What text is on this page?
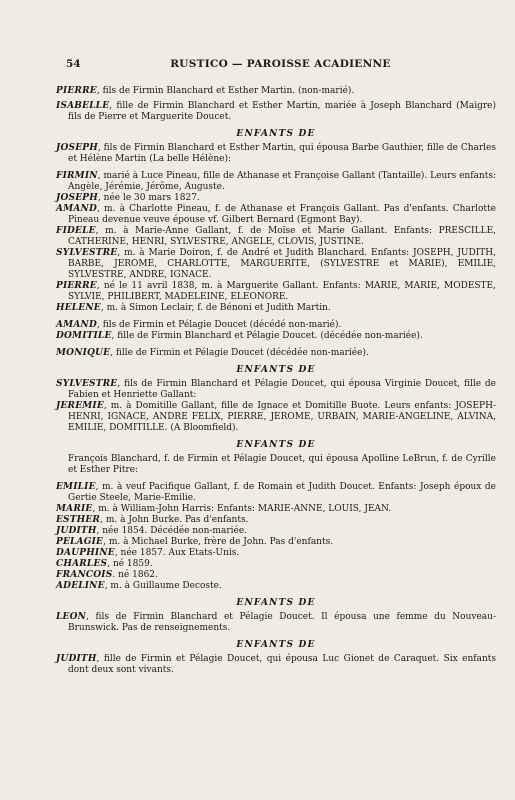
54	RUSTICO — PAROISSE ACADIENNE
PIERRE, fils de Firmin Blanchard et Esther Martin. (non-marié).
ISABELLE, fille de Firmin Blanchard et Esther Martin, mariée à Joseph Blanchard (Maigre) fils de Pierre et Marguerite Doucet.
ENFANTS DE
JOSEPH, fils de Firmin Blanchard et Esther Martin, qui épousa Barbe Gauthier, fille de Charles et Hélène Martin (La belle Hélène):
FIRMIN, marié à Luce Pineau, fille de Athanase et Françoise Gallant (Tantaille). Leurs enfants: Angèle, Jérémie, Jérôme, Auguste.
JOSEPH, née le 30 mars 1827.
AMAND, m. à Charlotte Pineau, f. de Athanase et François Gallant. Pas d'enfants. Charlotte Pineau devenue veuve épouse vf. Gilbert Bernard (Egmont Bay).
FIDELE, m. à Marie-Anne Gallant, f. de Moïse et Marie Gallant. Enfants: PRESCILLE, CATHERINE, HENRI, SYLVESTRE, ANGELE, CLOVIS, JUSTINE.
SYLVESTRE, m. à Marie Doiron, f. de André et Judith Blanchard. Enfants: JOSEPH, JUDITH, BARBE, JEROME, CHARLOTTE, MARGUERITE, (SYLVESTRE et MARIE), EMILIE, SYLVESTRE, ANDRE, IGNACE.
PIERRE, né le 11 avril 1838, m. à Marguerite Gallant. Enfants: MARIE, MARIE, MODESTE, SYLVIE, PHILIBERT, MADELEINE, ELEONORE.
HELENE, m. à Simon Leclair, f. de Bénoni et Judith Martin.
AMAND, fils de Firmin et Pélagie Doucet (décédé non-marié).
DOMITILE, fille de Firmin Blanchard et Pélagie Doucet. (décédée non-mariée).
MONIQUE, fille de Firmin et Pélagie Doucet (décédée non-mariée).
ENFANTS DE
SYLVESTRE, fils de Firmin Blanchard et Pélagie Doucet, qui épousa Virginie Doucet, fille de Fabien et Henriette Gallant:
JEREMIE, m. à Domitille Gallant, fille de Ignace et Domitille Buote. Leurs enfants: JOSEPH-HENRI, IGNACE, ANDRE FELIX, PIERRE, JEROME, URBAIN, MARIE-ANGELINE, ALVINA, EMILIE, DOMITILLE. (A Bloomfield).
ENFANTS DE
François Blanchard, f. de Firmin et Pélagie Doucet, qui épousa Apolline LeBrun, f. de Cyrille et Esther Pitre:
EMILIE, m. à veuf Pacifique Gallant, f. de Romain et Judith Doucet. Enfants: Joseph époux de Gertie Steele, Marie-Emilie.
MARIE, m. à William-John Harris: Enfants: MARIE-ANNE, LOUIS, JEAN.
ESTHER, m. à John Burke. Pas d'enfants.
JUDITH, née 1854. Décédée non-mariée.
PELAGIE, m. à Michael Burke, frère de John. Pas d'enfants.
DAUPHINE, née 1857. Aux Etats-Unis.
CHARLES, né 1859.
FRANCOIS. né 1862.
ADELINE, m. à Guillaume Decoste.
ENFANTS DE
LEON, fils de Firmin Blanchard et Pélagie Doucet. Il épousa une femme du Nouveau-Brunswick. Pas de renseignements.
ENFANTS DE
JUDITH, fille de Firmin et Pélagie Doucet, qui épousa Luc Gionet de Caraquet. Six enfants dont deux sont vivants.
